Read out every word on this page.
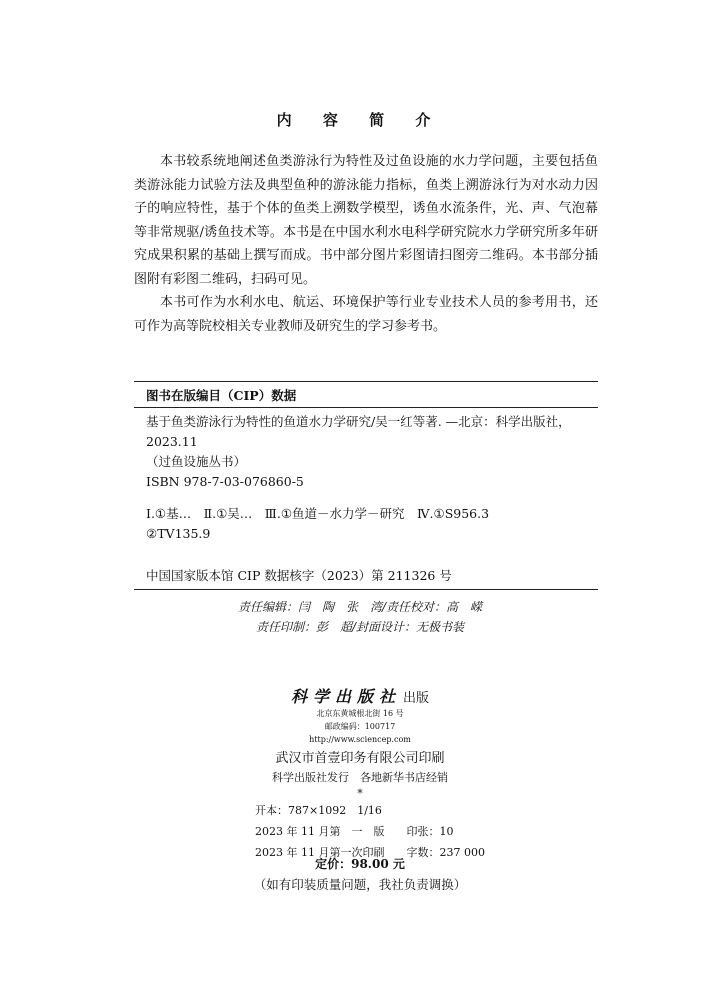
内 容 简 介

本书较系统地阐述鱼类游泳行为特性及过鱼设施的水力学问题，主要包括鱼类游泳能力试验方法及典型鱼种的游泳能力指标，鱼类上溯游泳行为对水动力因子的响应特性，基于个体的鱼类上溯数学模型，诱鱼水流条件，光、声、气泡幕等非常规驱/诱鱼技术等。本书是在中国水利水电科学研究院水力学研究所多年研究成果积累的基础上撰写而成。书中部分图片彩图请扫图旁二维码。本书部分插图附有彩图二维码，扫码可见。

本书可作为水利水电、航运、环境保护等行业专业技术人员的参考用书，还可作为高等院校相关专业教师及研究生的学习参考书。

图书在版编目（CIP）数据
基于鱼类游泳行为特性的鱼道水力学研究/吴一红等著. —北京：科学出版社，2023.11
（过鱼设施丛书）
ISBN 978-7-03-076860-5
Ⅰ.①基…　Ⅱ.①吴…　Ⅲ.①鱼道－水力学－研究　Ⅳ.①S956.3
②TV135.9
中国国家版本馆 CIP 数据核字（2023）第 211326 号
责任编辑：闫　陶　张　湾/责任校对：高　嵘
责任印制：彭　超/封面设计：无极书装
科学出版社 出版
北京东黄城根北街 16 号
邮政编码：100717
http://www.sciencep.com
武汉市首壹印务有限公司印刷
科学出版社发行　各地新华书店经销
*
开本：787×1092　1/16
2023 年 11 月第　一　版　　印张：10
2023 年 11 月第一次印刷　　字数：237 000
定价：98.00 元
（如有印装质量问题，我社负责调换）
